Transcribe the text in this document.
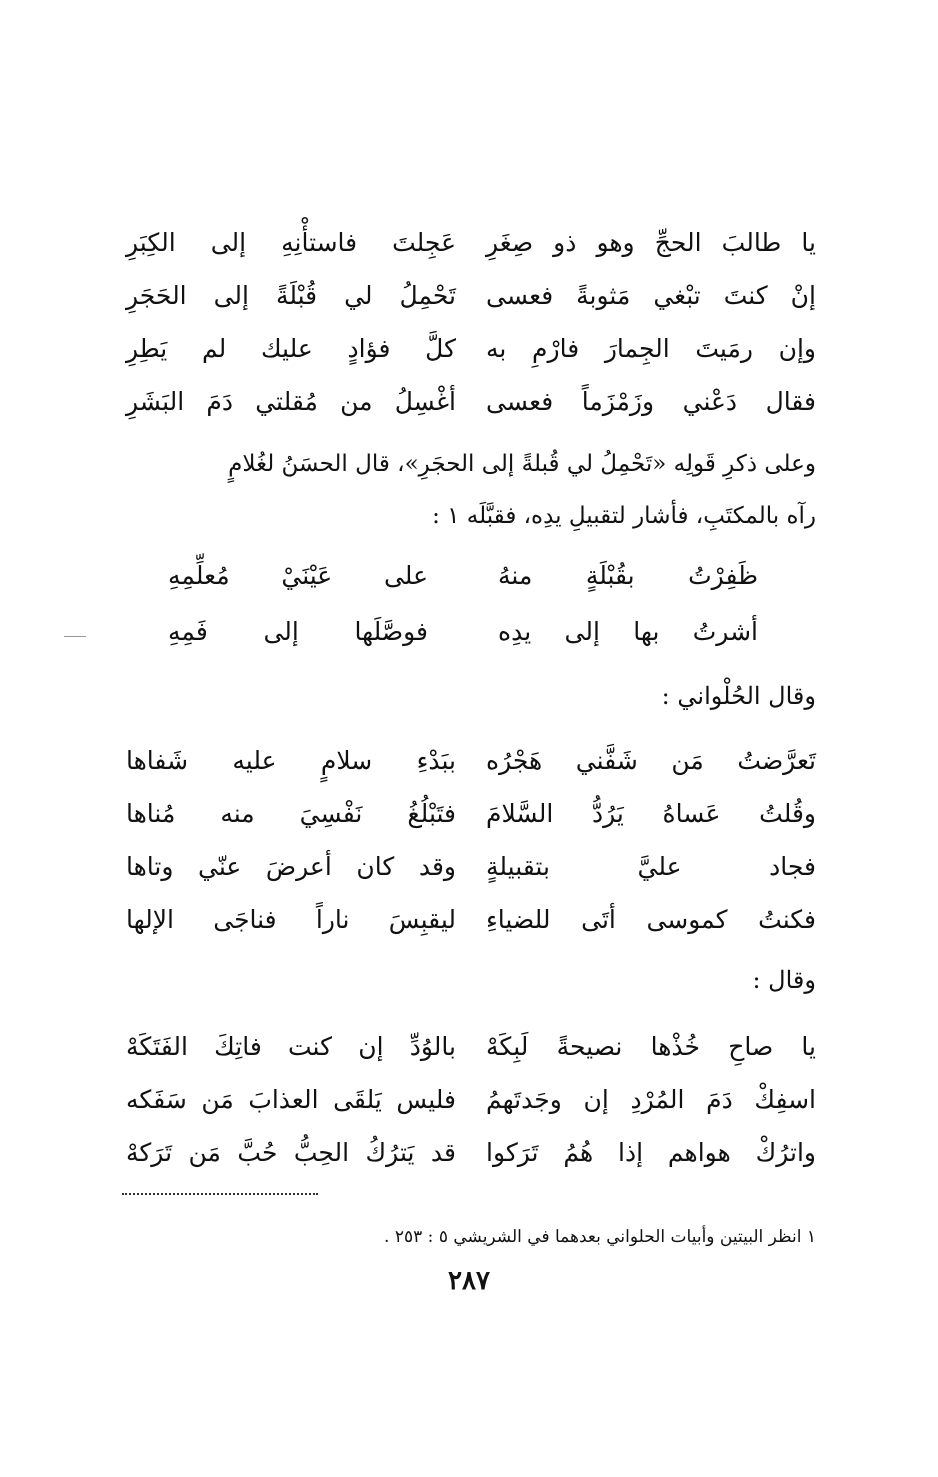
يا طالبَ الحجِّ وهو ذو صِغَرِ
عَجِلتَ فاستأْنِهِ إلى الكِبَرِ
إنْ كنتَ تبْغي مَثوبةً فعسى
تَحْمِلُ لي قُبْلَةً إلى الحَجَرِ
وإن رمَيتَ الجِمارَ فارْمِ به
كلَّ فؤادٍ عليك لم يَطِرِ
فقال دَعْني وزَمْزَماً فعسى
أغْسِلُ من مُقلتي دَمَ البَشَرِ
وعلى ذكرِ قَولِه «تَحْمِلُ لي قُبلةً إلى الحجَرِ»، قال الحسَنُ لغُلامٍ
رآه بالمكتَبِ، فأشار لتقبيلِ يدِه، فقبَّلَه ١ :
ظَفِرْتُ بقُبْلَةٍ منهُ
على عَيْنَيْ مُعلِّمِهِ
أشرتُ بها إلى يدِه
فوصَّلَها إلى فَمِهِ
وقال الحُلْواني :
تَعرَّضتُ مَن شَفَّني هَجْرُه
ببَدْءِ سلامٍ عليه شَفاها
وقُلتُ عَساهُ يَرُدُّ السَّلامَ
فتَبْلُغُ نَفْسِيَ منه مُناها
فجاد عليَّ بتقبيلةٍ
وقد كان أعرضَ عنّي وتاها
فكنتُ كموسى أتَى للضياءِ
ليقبِسَ ناراً فناجَى الإلها
وقال :
يا صاحِ خُذْها نصيحةً لَبِكَهْ
بالوُدِّ إن كنت فاتِكَ الفَتَكَهْ
اسفِكْ دَمَ المُرْدِ إن وجَدتَهمُ
فليس يَلقَى العذابَ مَن سَفَكه
واترُكْ هواهم إذا هُمُ تَرَكوا
قد يَترُكُ الحِبُّ حُبَّ مَن تَرَكهْ
١ انظر البيتين وأبيات الحلواني بعدهما في الشريشي ٥ : ٢٥٣ .
٢٨٧
